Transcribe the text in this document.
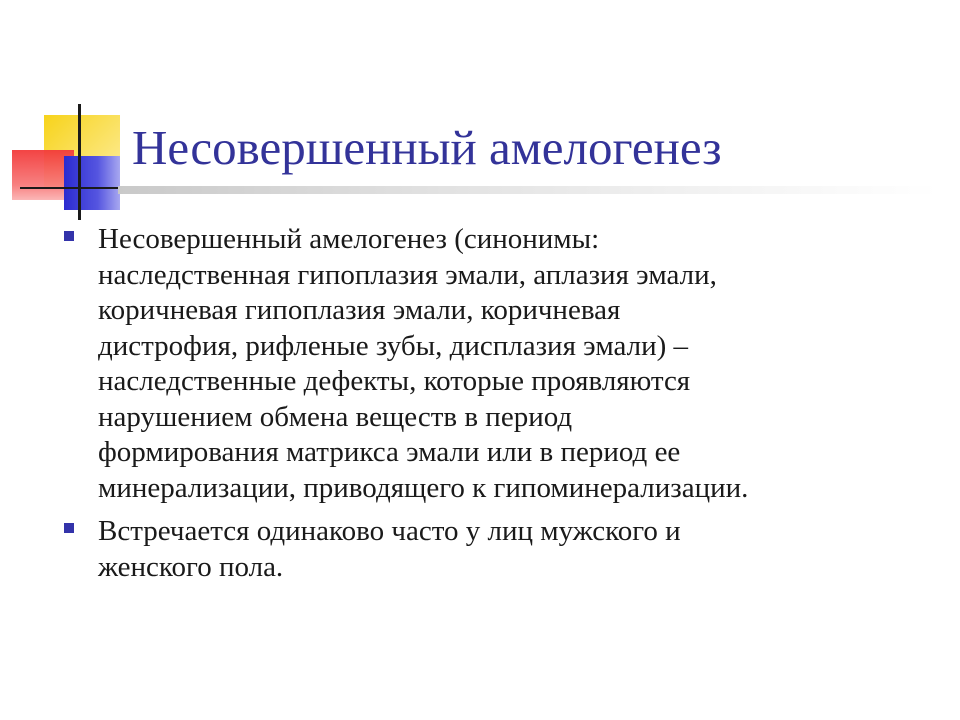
Несовершенный амелогенез
Несовершенный амелогенез (синонимы:
наследственная гипоплазия эмали, аплазия эмали,
коричневая гипоплазия эмали, коричневая
дистрофия, рифленые зубы, дисплазия эмали) –
наследственные дефекты, которые проявляются
нарушением обмена веществ в период
формирования матрикса эмали или в период ее
минерализации, приводящего к гипоминерализации.
Встречается одинаково часто у лиц мужского и
женского пола.
